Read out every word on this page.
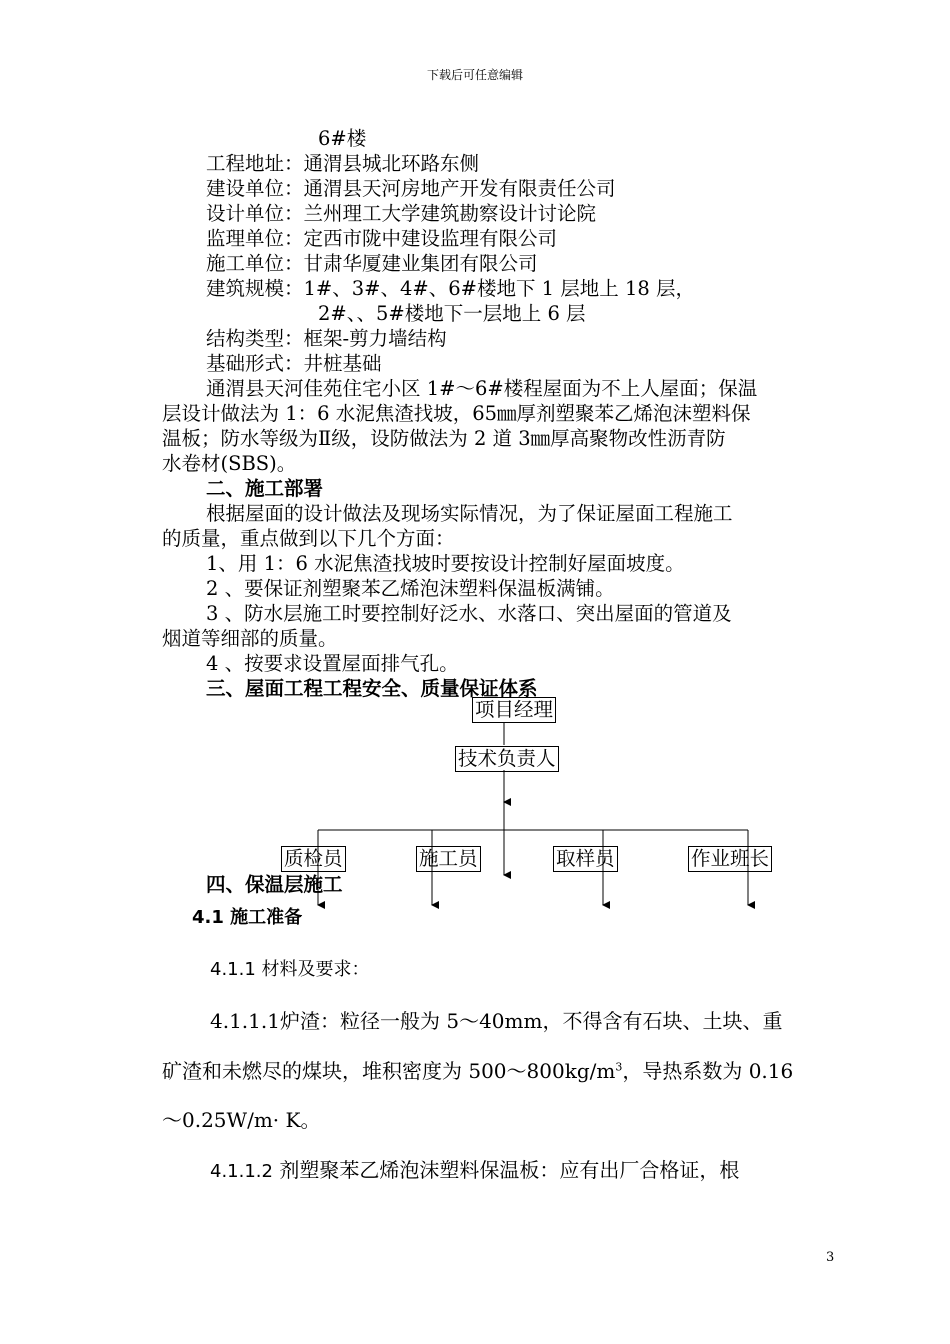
下载后可任意编辑
6#楼
工程地址：通渭县城北环路东侧
建设单位：通渭县天河房地产开发有限责任公司
设计单位：兰州理工大学建筑勘察设计讨论院
监理单位：定西市陇中建设监理有限公司
施工单位：甘肃华厦建业集团有限公司
建筑规模：1#、3#、4#、6#楼地下 1 层地上 18 层，
2#、、5#楼地下一层地上 6 层
结构类型：框架-剪力墙结构
基础形式：井桩基础
通渭县天河佳苑住宅小区 1#～6#楼程屋面为不上人屋面；保温
层设计做法为 1：6 水泥焦渣找坡，65㎜厚剂塑聚苯乙烯泡沫塑料保
温板；防水等级为Ⅱ级，设防做法为 2 道 3㎜厚高聚物改性沥青防
水卷材(SBS)。
二、施工部署
根据屋面的设计做法及现场实际情况，为了保证屋面工程施工
的质量，重点做到以下几个方面：
1、用 1：6 水泥焦渣找坡时要按设计控制好屋面坡度。
2 、要保证剂塑聚苯乙烯泡沫塑料保温板满铺。
3 、防水层施工时要控制好泛水、水落口、突出屋面的管道及
烟道等细部的质量。
4 、按要求设置屋面排气孔。
三、屋面工程工程安全、质量保证体系
项目经理
技术负责人
质检员	施工员	取样员	作业班长
四、保温层施工
4.1 施工准备
4.1.1 材料及要求：
4.1.1.1炉渣：粒径一般为 5～40mm，不得含有石块、土块、重
矿渣和未燃尽的煤块，堆积密度为 $500\sim 800kg/m^3$，导热系数为 0.16
～0.25W/m· K。
4.1.1.2 剂塑聚苯乙烯泡沫塑料保温板：应有出厂合格证，根
3
